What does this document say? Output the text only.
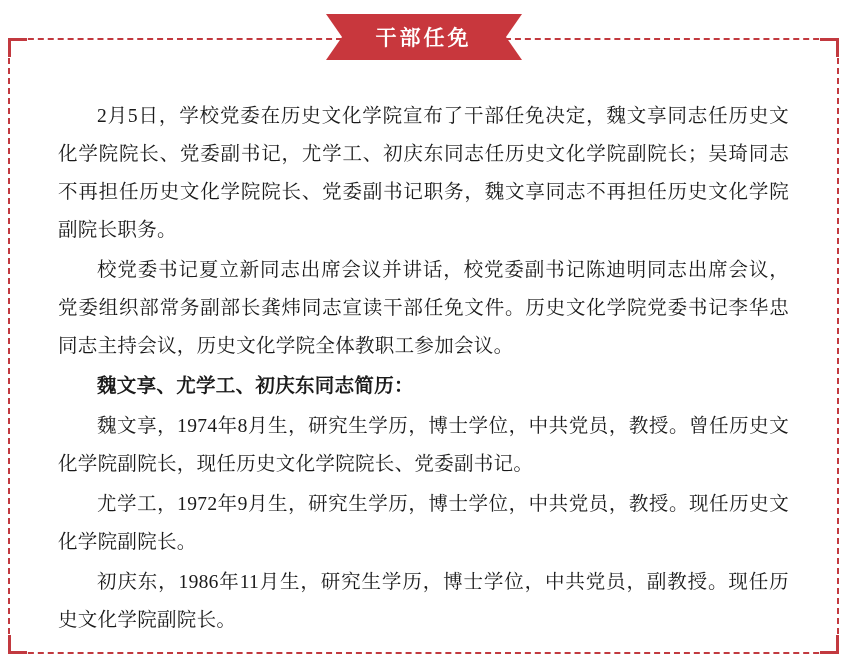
2月5日，学校党委在历史文化学院宣布了干部任免决定，魏文享同志任历史文化学院院长、党委副书记，尤学工、初庆东同志任历史文化学院副院长；吴琦同志不再担任历史文化学院院长、党委副书记职务，魏文享同志不再担任历史文化学院副院长职务。

校党委书记夏立新同志出席会议并讲话，校党委副书记陈迪明同志出席会议，党委组织部常务副部长龚炜同志宣读干部任免文件。历史文化学院党委书记李华忠同志主持会议，历史文化学院全体教职工参加会议。

魏文享、尤学工、初庆东同志简历：

魏文享，1974年8月生，研究生学历，博士学位，中共党员，教授。曾任历史文化学院副院长，现任历史文化学院院长、党委副书记。

尤学工，1972年9月生，研究生学历，博士学位，中共党员，教授。现任历史文化学院副院长。

初庆东，1986年11月生，研究生学历，博士学位，中共党员，副教授。现任历史文化学院副院长。

干部任免
